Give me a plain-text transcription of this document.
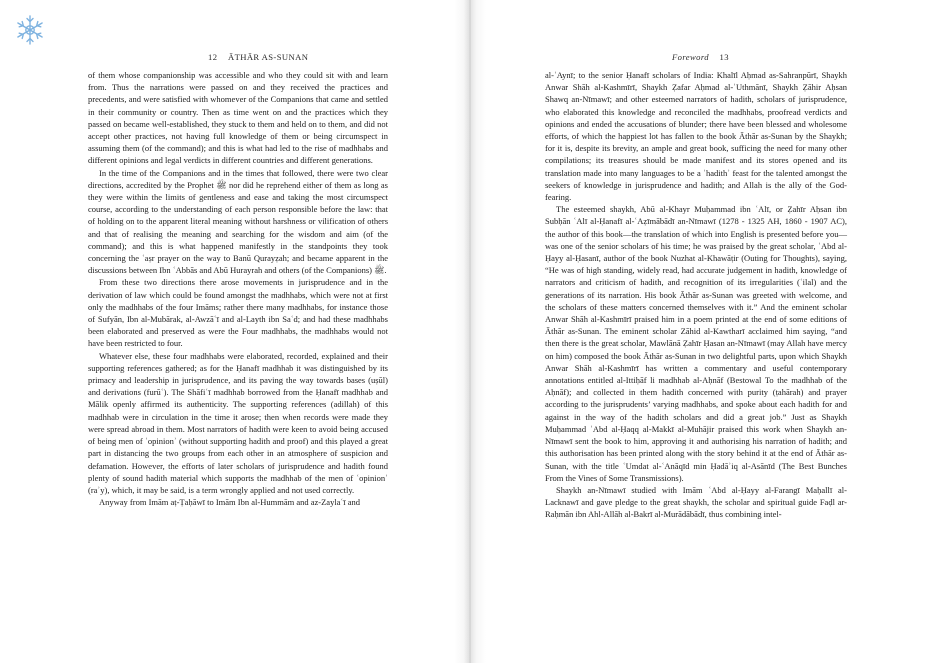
12 ĀTHĀR AS-SUNAN

of them whose companionship was accessible and who they could sit with and learn from. Thus the narrations were passed on and they received the practices and precedents, and were satisfied with whomever of the Companions that came and settled in their community or country. Then as time went on and the practices which they passed on became well-established, they stuck to them and held on to them, and did not accept other practices, not having full knowledge of them or being circumspect in assuming them (of the command); and this is what had led to the rise of madhhabs and different opinions and legal verdicts in different countries and different generations.

In the time of the Companions and in the times that followed, there were two clear directions, accredited by the Prophet ﷺ nor did he reprehend either of them as long as they were within the limits of gentleness and ease and taking the most circumspect course, according to the understanding of each person responsible before the law: that of holding on to the apparent literal meaning without harshness or vilification of others and that of realising the meaning and searching for the wisdom and aim (of the command); and this is what happened manifestly in the standpoints they took concerning the ʿaṣr prayer on the way to Banū Qurayẓah; and became apparent in the discussions between Ibn ʿAbbās and Abū Hurayrah and others (of the Companions) ﷺ.

From these two directions there arose movements in jurisprudence and in the derivation of law which could be found amongst the madhhabs, which were not at first only the madhhabs of the four Imāms; rather there many madhhabs, for instance those of Sufyān, Ibn al-Mubārak, al-Awzāʿī and al-Layth ibn Saʿd; and had these madhhabs been elaborated and preserved as were the Four madhhabs, the madhhabs would not have been restricted to four.

Whatever else, these four madhhabs were elaborated, recorded, explained and their supporting references gathered; as for the Ḥanafī madhhab it was distinguished by its primacy and leadership in jurisprudence, and its paving the way towards bases (uṣūl) and derivations (furūʿ). The Shāfiʿī madhhab borrowed from the Ḥanafī madhhab and Mālik openly affirmed its authenticity. The supporting references (adillah) of this madhhab were in circulation in the time it arose; then when records were made they were spread abroad in them. Most narrators of hadith were keen to avoid being accused of being men of ʿopinionʾ (without supporting hadith and proof) and this played a great part in distancing the two groups from each other in an atmosphere of suspicion and defamation. However, the efforts of later scholars of jurisprudence and hadith found plenty of sound hadith material which supports the madhhab of the men of ʿopinionʾ (raʾy), which, it may be said, is a term wrongly applied and not used correctly.

Anyway from Imām aṭ-Ṭaḥāwī to Imām Ibn al-Hummām and az-Zaylaʿī and

Foreword 13

al-ʿAynī; to the senior Ḥanafī scholars of India: Khalīl Aḥmad as-Sahranpūrī, Shaykh Anwar Shāh al-Kashmīrī, Shaykh Ẓafar Aḥmad al-ʿUthmānī, Shaykh Ẓāhir Aḥsan Shawq an-Nīmawī; and other esteemed narrators of hadith, scholars of jurisprudence, who elaborated this knowledge and reconciled the madhhabs, proofread verdicts and opinions and ended the accusations of blunder; there have been blessed and wholesome efforts, of which the happiest lot has fallen to the book Āthār as-Sunan by the Shaykh; for it is, despite its brevity, an ample and great book, sufficing the need for many other compilations; its treasures should be made manifest and its stores opened and its translation made into many languages to be a ʿhadithʾ feast for the talented amongst the seekers of knowledge in jurisprudence and hadith; and Allah is the ally of the God-fearing.

The esteemed shaykh, Abū al-Khayr Muḥammad ibn ʿAlī, or Ẓahīr Aḥsan ibn Subḥān ʿAlī al-Ḥanafī al-ʿAẓīmābādī an-Nīmawī (1278 - 1325 AH, 1860 - 1907 AC), the author of this book—the translation of which into English is presented before you—was one of the senior scholars of his time; he was praised by the great scholar, ʿAbd al-Ḥayy al-Ḥasanī, author of the book Nuzhat al-Khawāṭir (Outing for Thoughts), saying, “He was of high standing, widely read, had accurate judgement in hadith, knowledge of narrators and criticism of hadith, and recognition of its irregularities (ʿilal) and the generations of its narration. His book Āthār as-Sunan was greeted with welcome, and the scholars of these matters concerned themselves with it.” And the eminent scholar Anwar Shāh al-Kashmīrī praised him in a poem printed at the end of some editions of Āthār as-Sunan. The eminent scholar Zāhid al-Kawtharī acclaimed him saying, “and then there is the great scholar, Mawlānā Ẓahīr Ḥasan an-Nīmawī (may Allah have mercy on him) composed the book Āthār as-Sunan in two delightful parts, upon which Shaykh Anwar Shāh al-Kashmīrī has written a commentary and useful contemporary annotations entitled al-Ittiḥāf li madhhab al-Aḥnāf (Bestowal To the madhhab of the Aḥnāf); and collected in them hadith concerned with purity (ṭahārah) and prayer according to the jurisprudents’ varying madhhabs, and spoke about each hadith for and against in the way of the hadith scholars and did a great job.” Just as Shaykh Muḥammad ʿAbd al-Ḥaqq al-Makkī al-Muhājir praised this work when Shaykh an-Nīmawī sent the book to him, approving it and authorising his narration of hadith; and this authorisation has been printed along with the story behind it at the end of Āthār as-Sunan, with the title ʿUmdat al-ʿAnāqīd min Ḥadāʾiq al-Asānīd (The Best Bunches From the Vines of Some Transmissions).

Shaykh an-Nīmawī studied with Imām ʿAbd al-Ḥayy al-Farangī Maḥallī al-Lacknawī and gave pledge to the great shaykh, the scholar and spiritual guide Faḍl ar-Raḥmān ibn Ahl-Allāh al-Bakrī al-Murādābādī, thus combining intel-
